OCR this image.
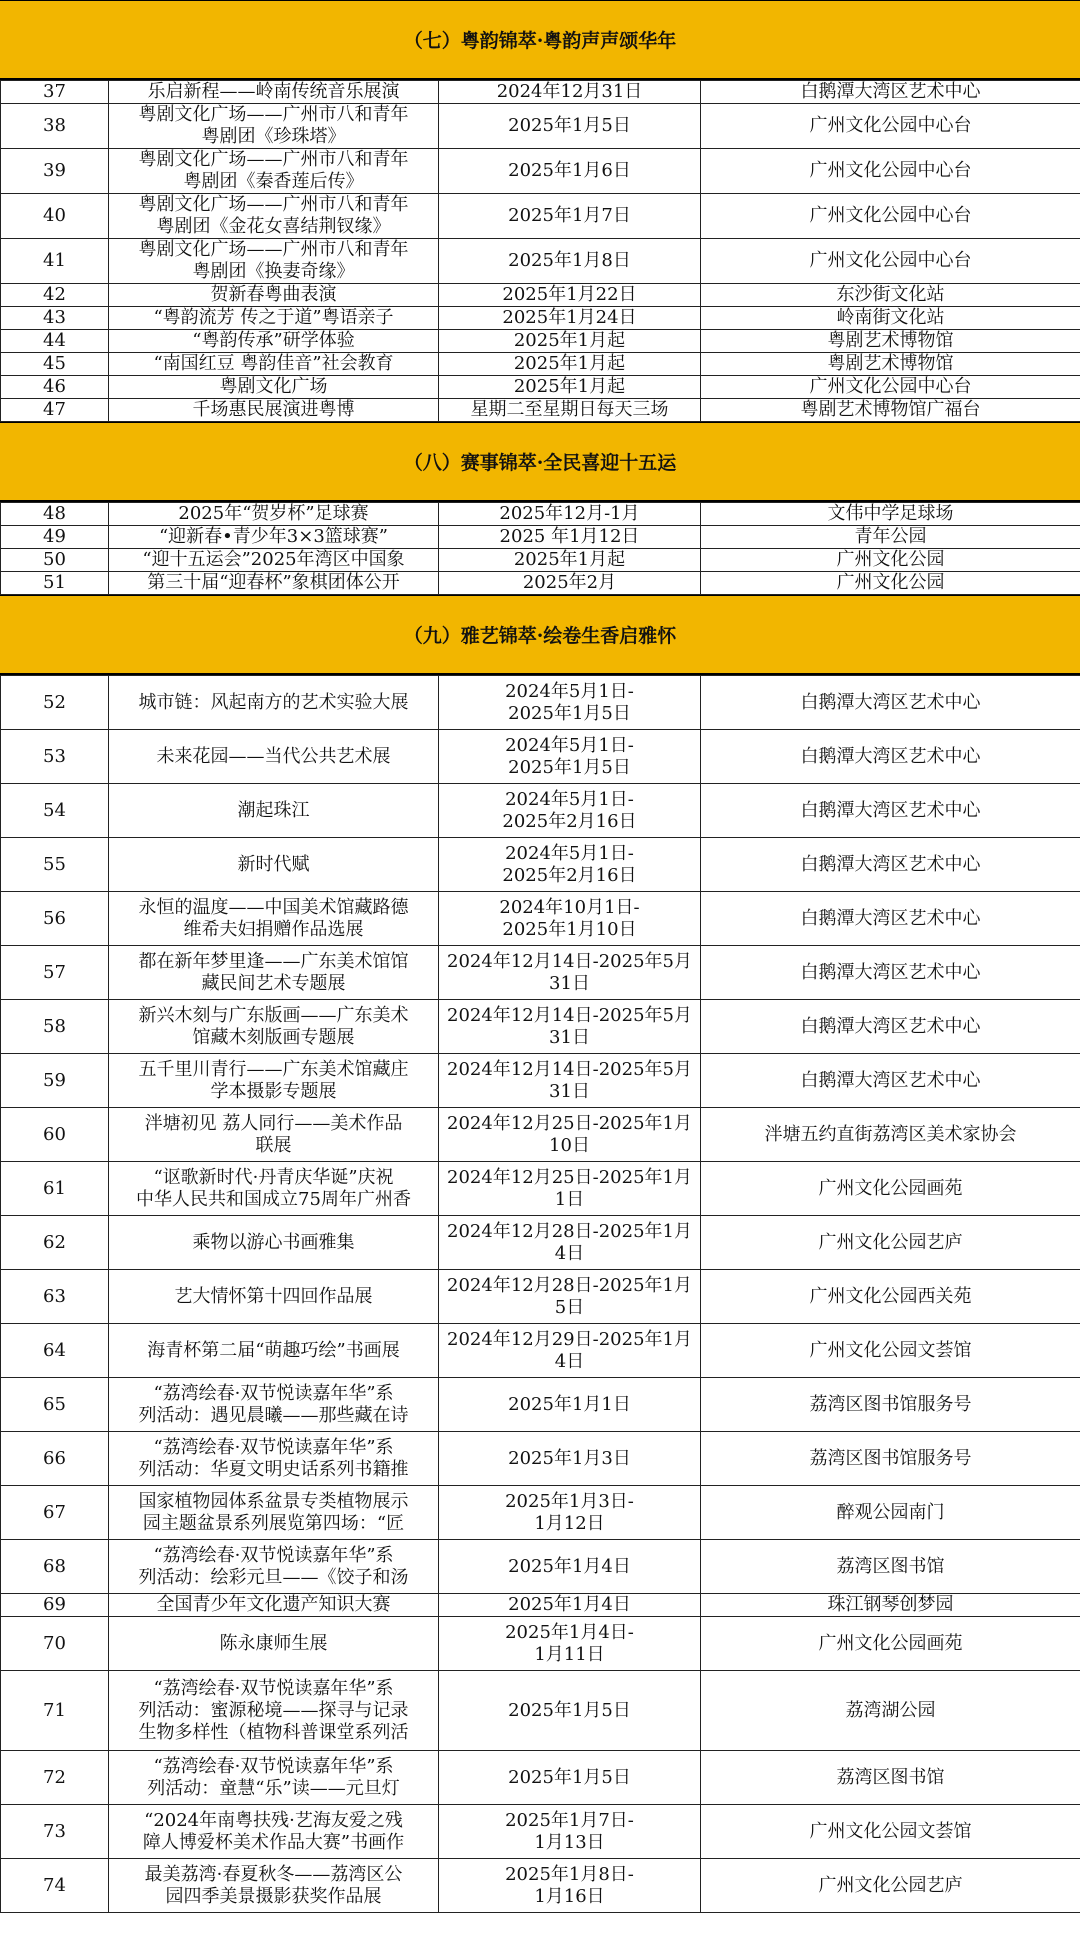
（七）粤韵锦萃·粤韵声声颂华年
37	乐启新程——岭南传统音乐展演	2024年12月31日	白鹅潭大湾区艺术中心

38	粤剧文化广场——广州市八和青年
粤剧团《珍珠塔》	2025年1月5日	广州文化公园中心台

39	粤剧文化广场——广州市八和青年
粤剧团《秦香莲后传》	2025年1月6日	广州文化公园中心台

40	粤剧文化广场——广州市八和青年
粤剧团《金花女喜结荆钗缘》	2025年1月7日	广州文化公园中心台

41	粤剧文化广场——广州市八和青年
粤剧团《换妻奇缘》	2025年1月8日	广州文化公园中心台

42	贺新春粤曲表演	2025年1月22日	东沙街文化站

43	“粤韵流芳 传之于道”粤语亲子	2025年1月24日	岭南街文化站

44	“粤韵传承”研学体验	2025年1月起	粤剧艺术博物馆

45	“南国红豆 粤韵佳音”社会教育	2025年1月起	粤剧艺术博物馆

46	粤剧文化广场	2025年1月起	广州文化公园中心台

47	千场惠民展演进粤博	星期二至星期日每天三场	粤剧艺术博物馆广福台
（八）赛事锦萃·全民喜迎十五运
48	2025年“贺岁杯”足球赛	2025年12月-1月	文伟中学足球场

49	“迎新春•青少年3×3篮球赛”	2025 年1月12日	青年公园

50	“迎十五运会”2025年湾区中国象	2025年1月起	广州文化公园

51	第三十届“迎春杯”象棋团体公开	2025年2月	广州文化公园
（九）雅艺锦萃·绘卷生香启雅怀
52	城市链：风起南方的艺术实验大展	2024年5月1日-
2025年1月5日	白鹅潭大湾区艺术中心

53	未来花园——当代公共艺术展	2024年5月1日-
2025年1月5日	白鹅潭大湾区艺术中心

54	潮起珠江	2024年5月1日-
2025年2月16日	白鹅潭大湾区艺术中心

55	新时代赋	2024年5月1日-
2025年2月16日	白鹅潭大湾区艺术中心

56	永恒的温度——中国美术馆藏路德
维希夫妇捐赠作品选展	2024年10月1日-
2025年1月10日	白鹅潭大湾区艺术中心

57	都在新年梦里逢——广东美术馆馆
藏民间艺术专题展	2024年12月14日-2025年5月
31日	白鹅潭大湾区艺术中心

58	新兴木刻与广东版画——广东美术
馆藏木刻版画专题展	2024年12月14日-2025年5月
31日	白鹅潭大湾区艺术中心

59	五千里川青行——广东美术馆藏庄
学本摄影专题展	2024年12月14日-2025年5月
31日	白鹅潭大湾区艺术中心

60	泮塘初见 荔人同行——美术作品
联展	2024年12月25日-2025年1月
10日	泮塘五约直街荔湾区美术家协会

61	“讴歌新时代·丹青庆华诞”庆祝
中华人民共和国成立75周年广州香	2024年12月25日-2025年1月
1日	广州文化公园画苑

62	乘物以游心书画雅集	2024年12月28日-2025年1月
4日	广州文化公园艺庐

63	艺大情怀第十四回作品展	2024年12月28日-2025年1月
5日	广州文化公园西关苑

64	海青杯第二届“萌趣巧绘”书画展	2024年12月29日-2025年1月
4日	广州文化公园文荟馆

65	“荔湾绘春·双节悦读嘉年华”系
列活动：遇见晨曦——那些藏在诗	2025年1月1日	荔湾区图书馆服务号

66	“荔湾绘春·双节悦读嘉年华”系
列活动：华夏文明史话系列书籍推	2025年1月3日	荔湾区图书馆服务号

67	国家植物园体系盆景专类植物展示
园主题盆景系列展览第四场：“匠	2025年1月3日-
1月12日	醉观公园南门

68	“荔湾绘春·双节悦读嘉年华”系
列活动：绘彩元旦——《饺子和汤	2025年1月4日	荔湾区图书馆

69	全国青少年文化遗产知识大赛	2025年1月4日	珠江钢琴创梦园

70	陈永康师生展	2025年1月4日-
1月11日	广州文化公园画苑

71	“荔湾绘春·双节悦读嘉年华”系
列活动：蜜源秘境——探寻与记录
生物多样性（植物科普课堂系列活	2025年1月5日	荔湾湖公园

72	“荔湾绘春·双节悦读嘉年华”系
列活动：童慧“乐”读——元旦灯	2025年1月5日	荔湾区图书馆

73	“2024年南粤扶残·艺海友爱之残
障人博爱杯美术作品大赛”书画作	2025年1月7日-
1月13日	广州文化公园文荟馆

74	最美荔湾·春夏秋冬——荔湾区公
园四季美景摄影获奖作品展	2025年1月8日-
1月16日	广州文化公园艺庐
